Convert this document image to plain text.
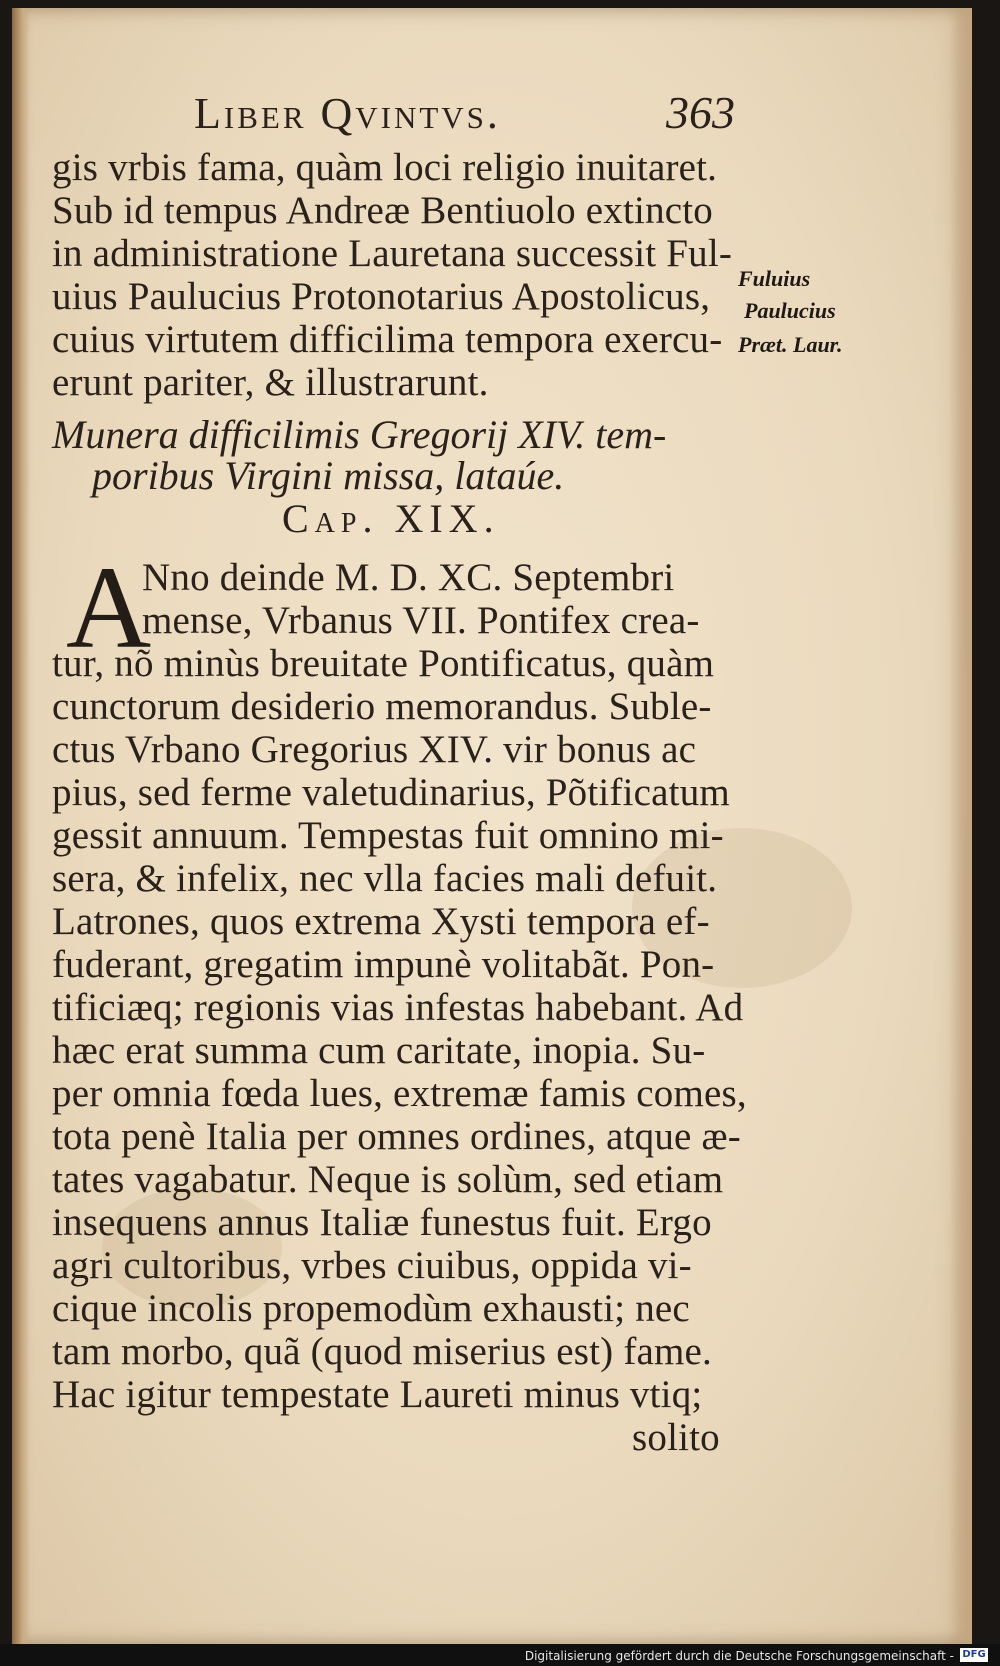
Liber Qvintvs.	363
gis vrbis fama, quàm loci religio inuitaret.
Sub id tempus Andreæ Bentiuolo extincto
in administratione Lauretana successit Ful-
uius Paulucius Protonotarius Apostolicus,
cuius virtutem difficilima tempora exercu-
erunt pariter, & illustrarunt.
Fuluius
Paulucius
Præt. Laur.
Munera difficilimis Gregorij XIV. tem-
poribus Virgini missa, lataúe.
Cap. XIX.
A
Nno deinde M. D. XC. Septembri
mense, Vrbanus VII. Pontifex crea-
tur, nõ minùs breuitate Pontificatus, quàm
cunctorum desiderio memorandus. Suble-
ctus Vrbano Gregorius XIV. vir bonus ac
pius, sed ferme valetudinarius, Põtificatum
gessit annuum. Tempestas fuit omnino mi-
sera, & infelix, nec vlla facies mali defuit.
Latrones, quos extrema Xysti tempora ef-
fuderant, gregatim impunè volitabãt. Pon-
tificiæq; regionis vias infestas habebant. Ad
hæc erat summa cum caritate, inopia. Su-
per omnia fœda lues, extremæ famis comes,
tota penè Italia per omnes ordines, atque æ-
tates vagabatur. Neque is solùm, sed etiam
insequens annus Italiæ funestus fuit. Ergo
agri cultoribus, vrbes ciuibus, oppida vi-
cique incolis propemodùm exhausti; nec
tam morbo, quã (quod miserius est) fame.
Hac igitur tempestate Laureti minus vtiq;
solito
Digitalisierung gefördert durch die Deutsche Forschungsgemeinschaft - DFG
